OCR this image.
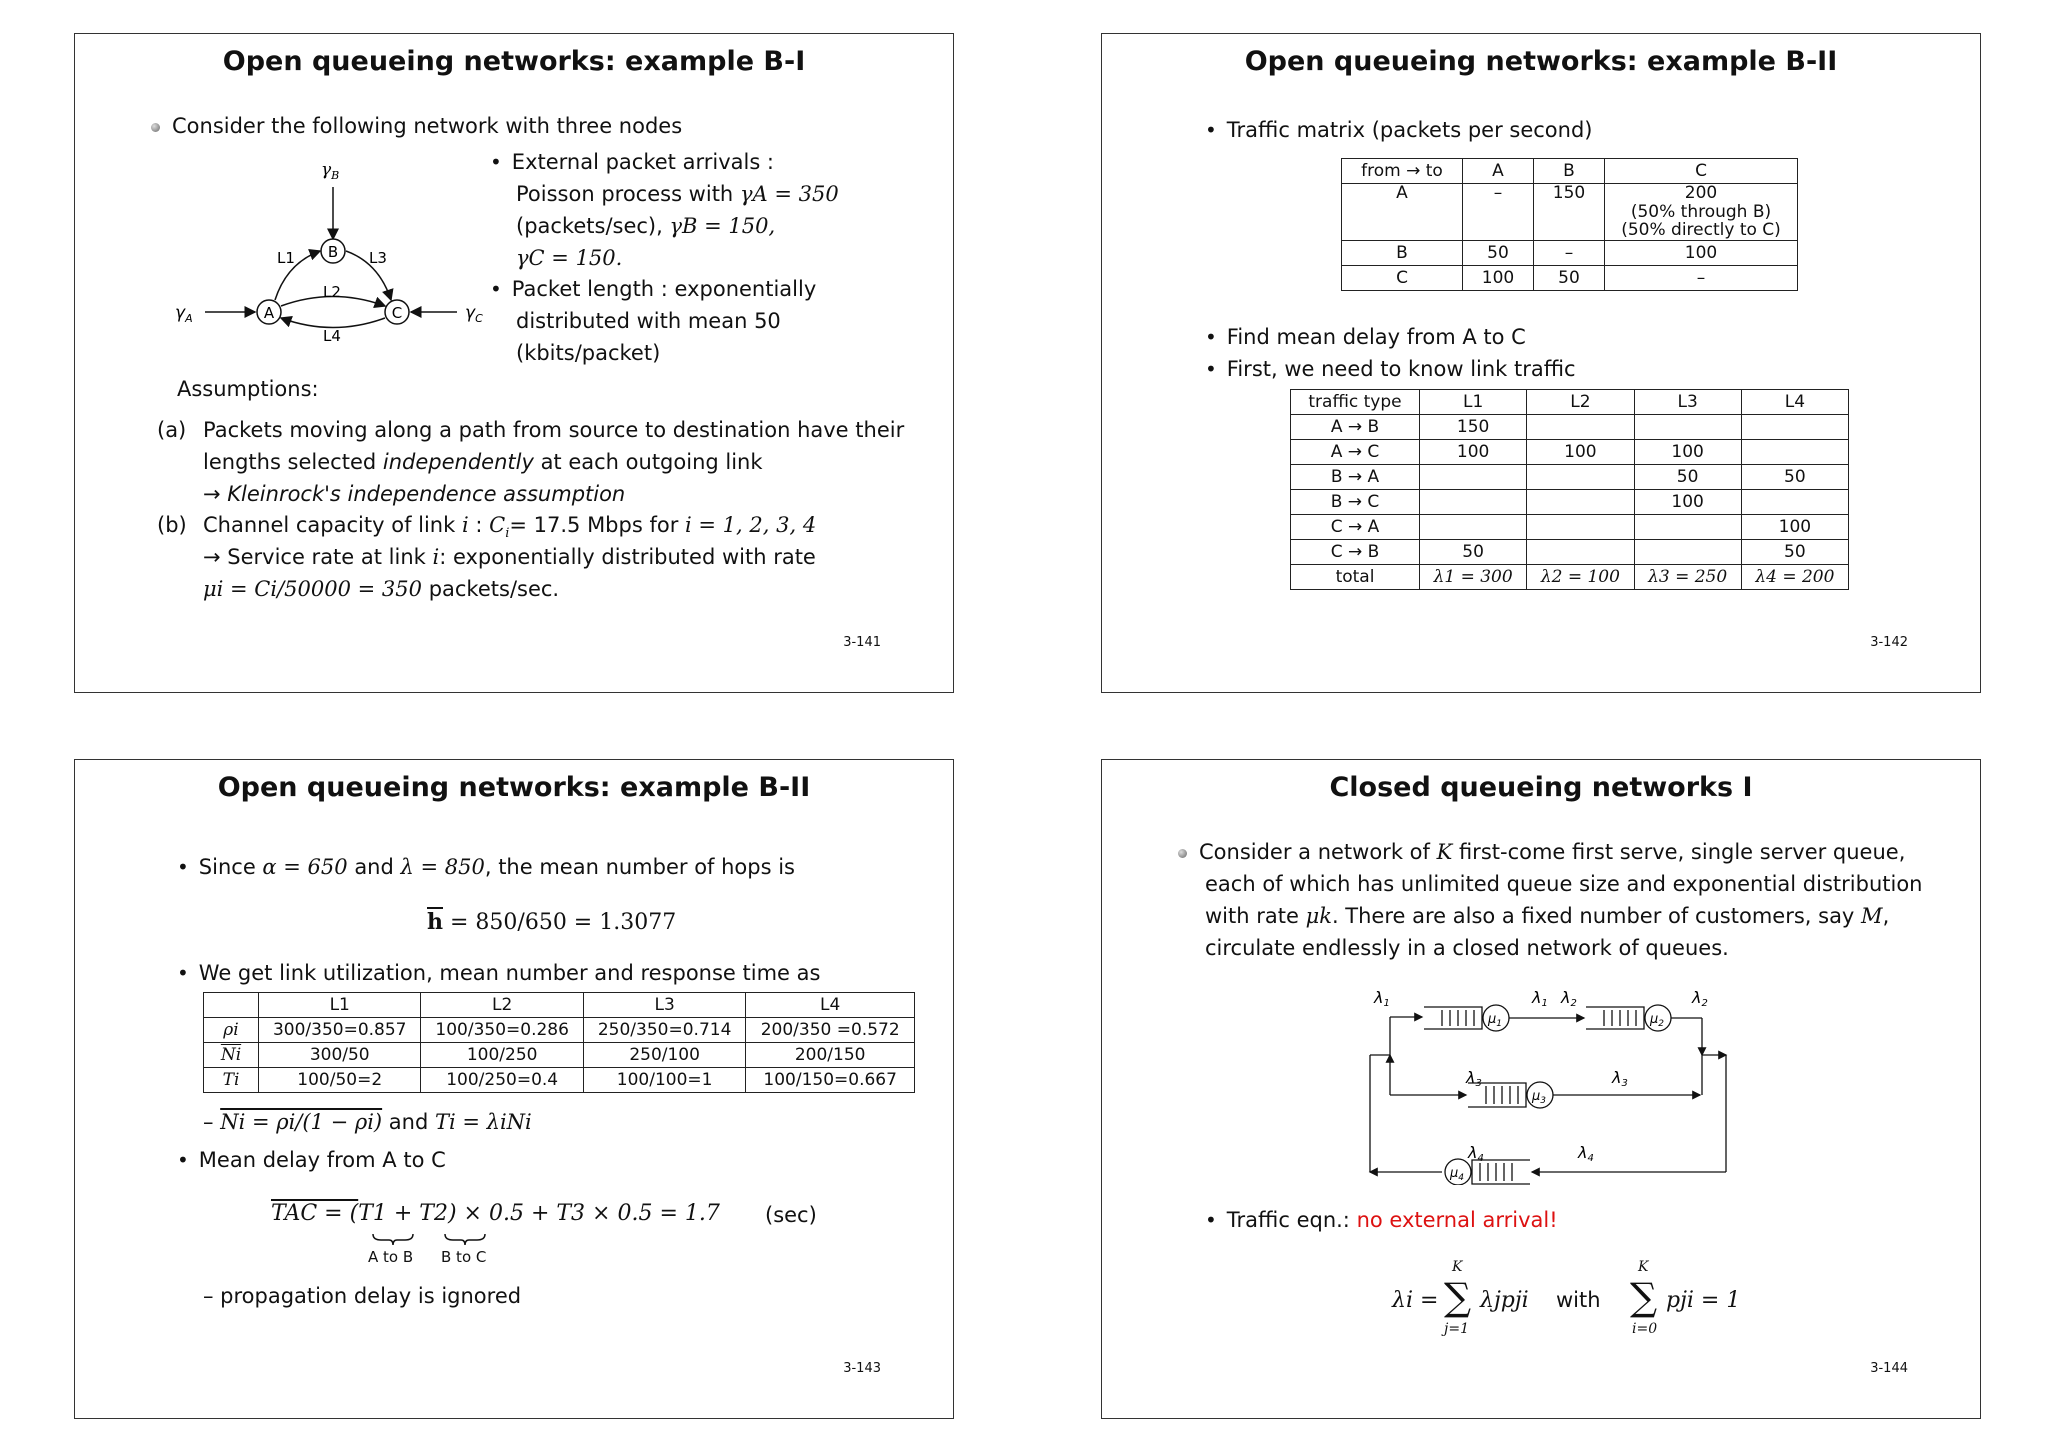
Open queueing networks: example B-I
Consider the following network with three nodes
$\gamma_B$
B
A	C
L1	L3
L2
L4
$\gamma_A$	$\gamma_C$
• External packet arrivals :
Poisson process with γA = 350
(packets/sec), γB = 150,
γC = 150.
• Packet length : exponentially
distributed with mean 50
(kbits/packet)
Assumptions:
(a) Packets moving along a path from source to destination have their
lengths selected independently at each outgoing link
→ Kleinrock's independence assumption
(b) Channel capacity of link i : $C_i= 17.5$ Mbps for i = 1, 2, 3, 4
→ Service rate at link i: exponentially distributed with rate
μi = Ci/50000 = 350 packets/sec.
3-141
Open queueing networks: example B-II
• Traffic matrix (packets per second)
from → to	A	B	C
A	–	150	200
(50% through B)
(50% directly to C)

B	50	–	100
C	100	50	–
• Find mean delay from A to C
• First, we need to know link traffic
traffic type	L1	L2	L3	L4
A → B	150			
A → C	100	100	100	
B → A			50	50
B → C			100	
C → A				100
C → B	50			50
total	λ1 = 300	λ2 = 100	λ3 = 250	λ4 = 200
3-142
Open queueing networks: example B-II
• Since α = 650 and λ = 850, the mean number of hops is
$\overline{h} = 850/650 = 1.3077$
• We get link utilization, mean number and response time as
	L1	L2	L3	L4
ρi	300/350=0.857	100/350=0.286	250/350=0.714	200/350 =0.572
$\overline{Ni}$	300/50	100/250	250/100	200/150
Ti	100/50=2	100/250=0.4	100/100=1	100/150=0.667
– Ni = ρi/(1 − ρi) and Ti = λiNi
• Mean delay from A to C
TAC = (T1 + T2) × 0.5 + T3 × 0.5 = 1.7
A to B B to C
(sec)
– propagation delay is ignored
3-143
Closed queueing networks I
Consider a network of K first-come first serve, single server queue,
each of which has unlimited queue size and exponential distribution
with rate μk. There are also a fixed number of customers, say M,
circulate endlessly in a closed network of queues.
λ1	λ1 λ2	λ2
λ3	λ3
λ4	λ4
$\mu_1$	$\mu_2$
$\mu_3$
$\mu_4$
• Traffic eqn.: no external arrival!
λi =
K
∑
j=1
λjpji with
K
∑
i=0
pji = 1
3-144
